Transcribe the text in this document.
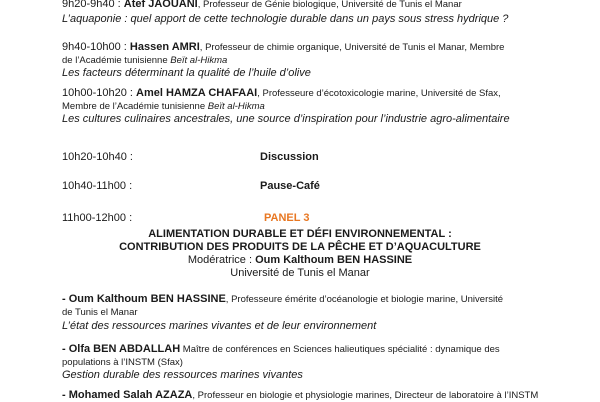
9h20-9h40 : Atef JAOUANI, Professeur de Génie biologique, Université de Tunis el Manar
L’aquaponie : quel apport de cette technologie durable dans un pays sous stress hydrique ?
9h40-10h00 : Hassen AMRI, Professeur de chimie organique, Université de Tunis el Manar, Membre
de l’Académie tunisienne Beït al-Hikma
Les facteurs déterminant la qualité de l’huile d’olive
10h00-10h20 : Amel HAMZA CHAFAAI, Professeure d’écotoxicologie marine, Université de Sfax,
Membre de l’Académie tunisienne Beït al-Hikma
Les cultures culinaires ancestrales, une source d’inspiration pour l’industrie agro-alimentaire
10h20-10h40 :	Discussion
10h40-11h00 :	Pause-Café
11h00-12h00 :	PANEL 3
ALIMENTATION DURABLE ET DÉFI ENVIRONNEMENTAL :
CONTRIBUTION DES PRODUITS DE LA PÊCHE ET D’AQUACULTURE
Modératrice : Oum Kalthoum BEN HASSINE
Université de Tunis el Manar
- Oum Kalthoum BEN HASSINE, Professeure émérite d’océanologie et biologie marine, Université
de Tunis el Manar
L’état des ressources marines vivantes et de leur environnement
- Olfa BEN ABDALLAH Maître de conférences en Sciences halieutiques spécialité : dynamique des
populations à l’INSTM (Sfax)
Gestion durable des ressources marines vivantes
- Mohamed Salah AZAZA, Professeur en biologie et physiologie marines, Directeur de laboratoire à l’INSTM
